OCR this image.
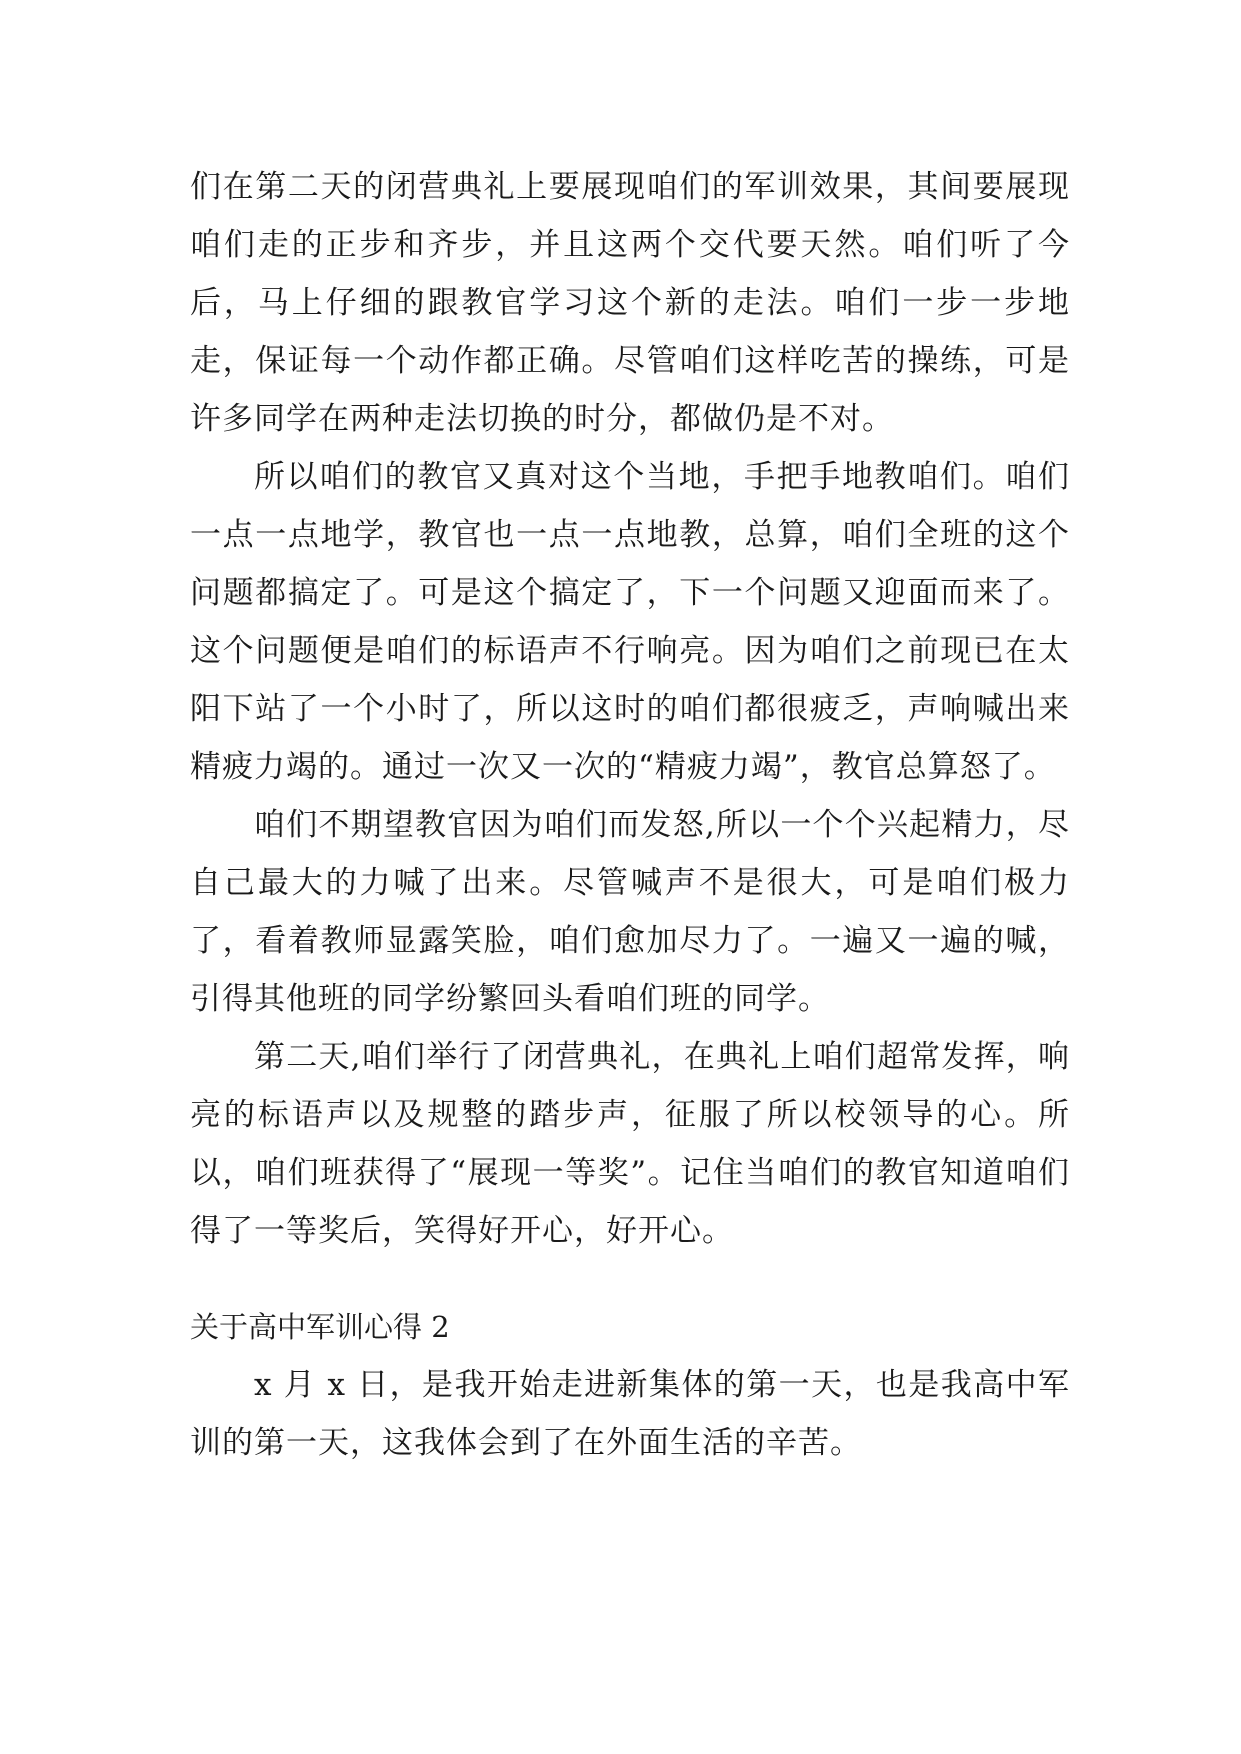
们在第二天的闭营典礼上要展现咱们的军训效果，其间要展现咱们走的正步和齐步，并且这两个交代要天然。咱们听了今后，马上仔细的跟教官学习这个新的走法。咱们一步一步地走，保证每一个动作都正确。尽管咱们这样吃苦的操练，可是许多同学在两种走法切换的时分，都做仍是不对。

所以咱们的教官又真对这个当地，手把手地教咱们。咱们一点一点地学，教官也一点一点地教，总算，咱们全班的这个问题都搞定了。可是这个搞定了，下一个问题又迎面而来了。这个问题便是咱们的标语声不行响亮。因为咱们之前现已在太阳下站了一个小时了，所以这时的咱们都很疲乏，声响喊出来精疲力竭的。通过一次又一次的“精疲力竭”，教官总算怒了。

咱们不期望教官因为咱们而发怒,所以一个个兴起精力，尽自己最大的力喊了出来。尽管喊声不是很大，可是咱们极力了，看着教师显露笑脸，咱们愈加尽力了。一遍又一遍的喊，引得其他班的同学纷繁回头看咱们班的同学。

第二天,咱们举行了闭营典礼，在典礼上咱们超常发挥，响亮的标语声以及规整的踏步声，征服了所以校领导的心。所以，咱们班获得了“展现一等奖”。记住当咱们的教官知道咱们得了一等奖后，笑得好开心，好开心。

关于高中军训心得 2

x 月 x 日，是我开始走进新集体的第一天，也是我高中军训的第一天，这我体会到了在外面生活的辛苦。
